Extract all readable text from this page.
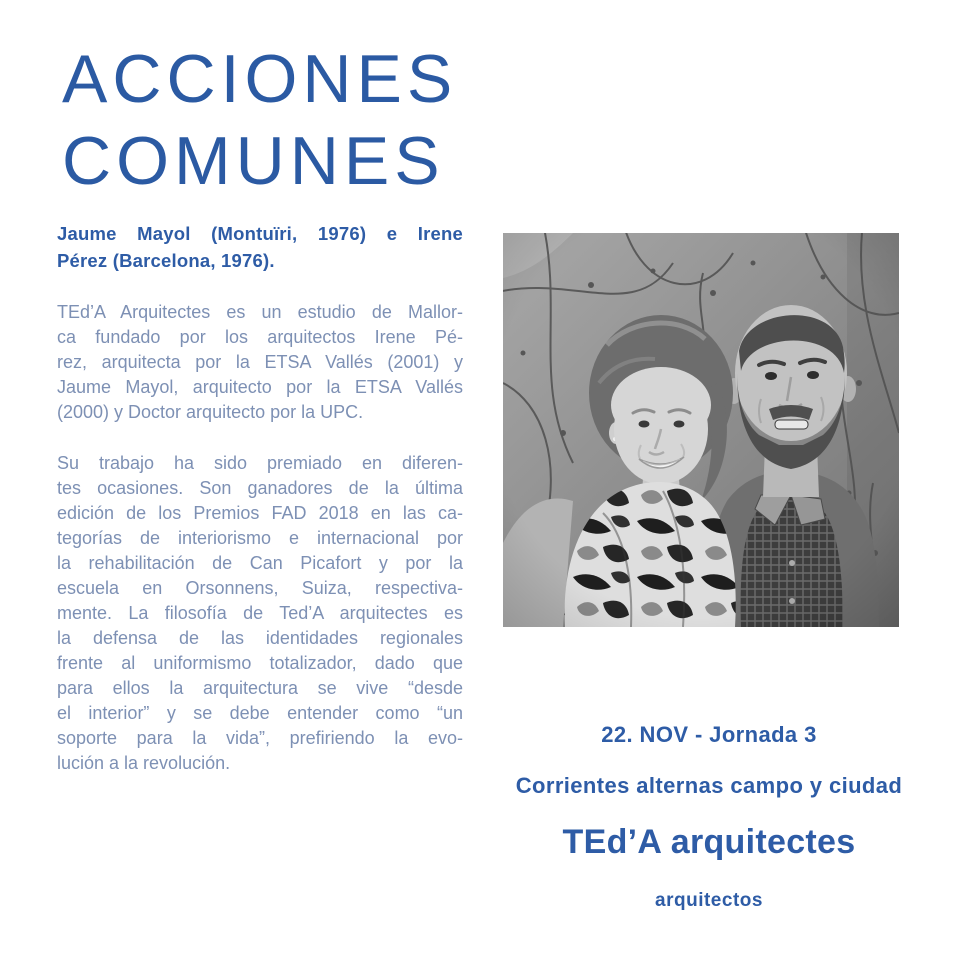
ACCIONES
COMUNES

Jaume Mayol (Montuïri, 1976) e Irene
Pérez (Barcelona, 1976).

TEd’A Arquitectes es un estudio de Mallor-
ca fundado por los arquitectos Irene Pé-
rez, arquitecta por la ETSA Vallés (2001) y
Jaume Mayol, arquitecto por la ETSA Vallés
(2000) y Doctor arquitecto por la UPC.

Su trabajo ha sido premiado en diferen-
tes ocasiones. Son ganadores de la última
edición de los Premios FAD 2018 en las ca-
tegorías de interiorismo e internacional por
la rehabilitación de Can Picafort y por la
escuela en Orsonnens, Suiza, respectiva-
mente. La filosofía de Ted’A arquitectes es
la defensa de las identidades regionales
frente al uniformismo totalizador, dado que
para ellos la arquitectura se vive “desde
el interior” y se debe entender como “un
soporte para la vida”, prefiriendo la evo-
lución a la revolución.

22. NOV - Jornada 3
Corrientes alternas campo y ciudad
TEd’A arquitectes
arquitectos
